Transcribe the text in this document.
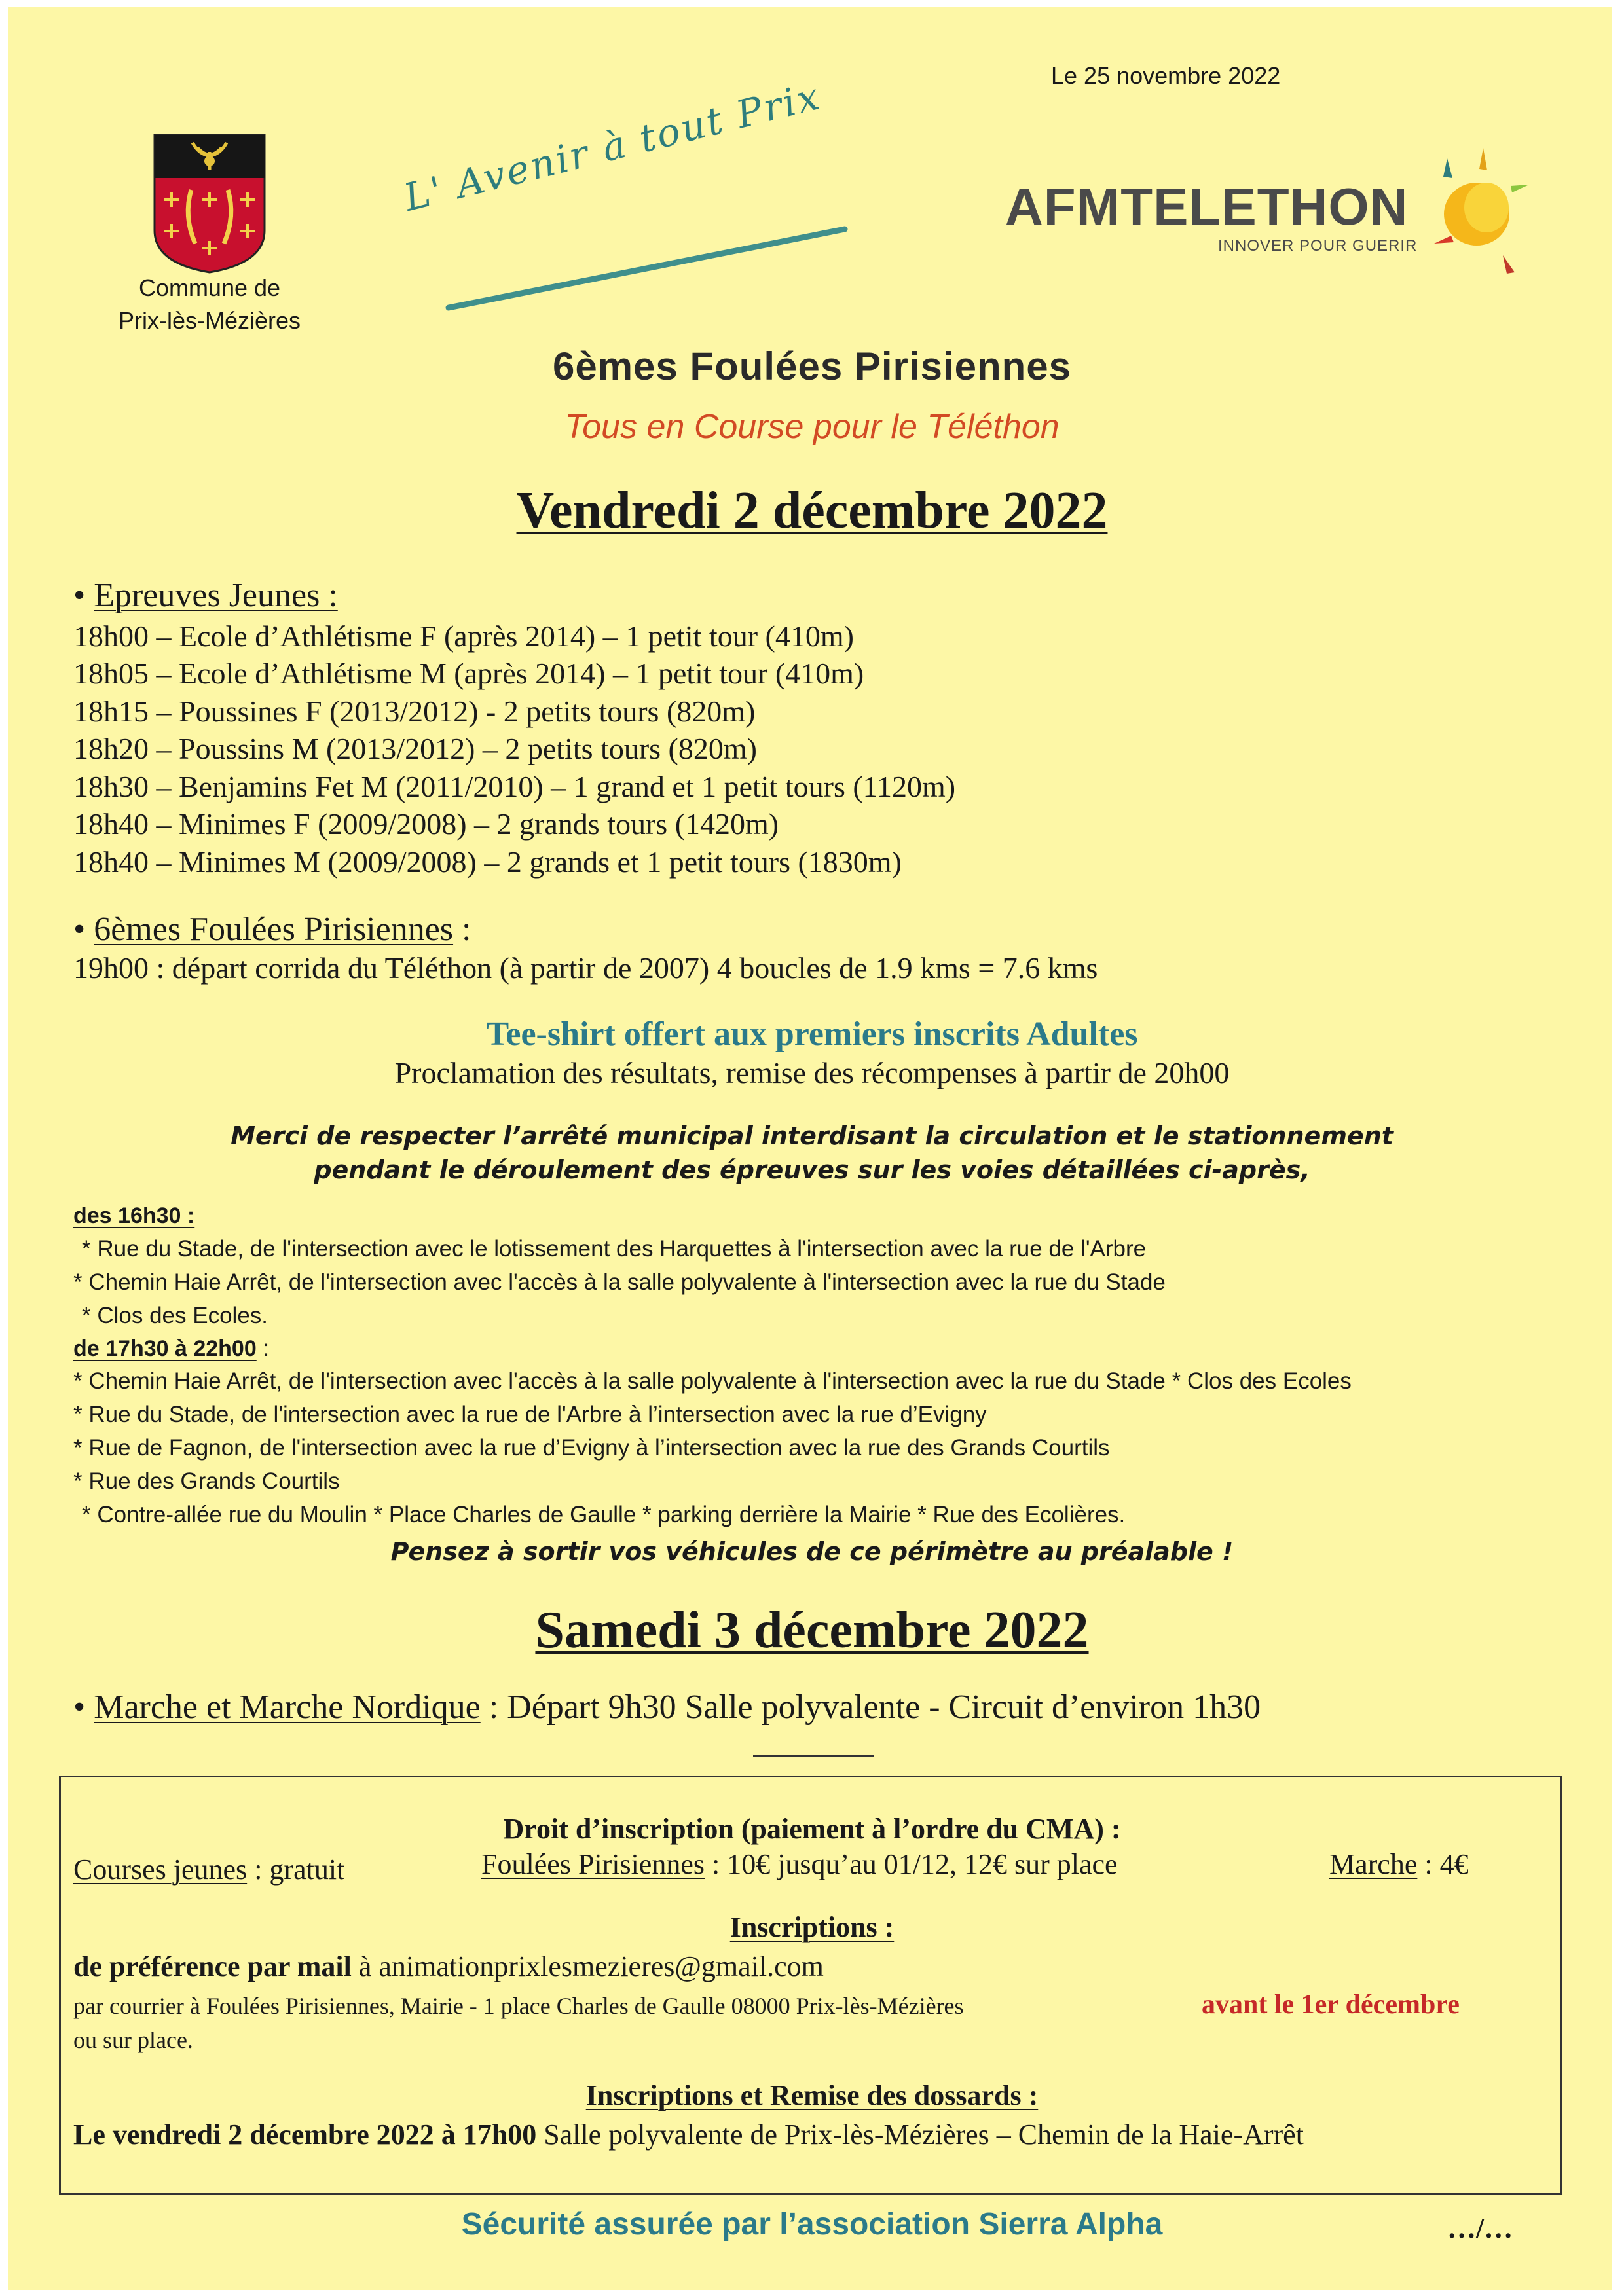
Le 25 novembre 2022
Commune de
Prix-lès-Mézières
L' Avenir à tout Prix	AFMTELETHON
INNOVER POUR GUERIR
6èmes Foulées Pirisiennes
Tous en Course pour le Téléthon
Vendredi 2 décembre 2022
• Epreuves Jeunes :
18h00 – Ecole d’Athlétisme F (après 2014) – 1 petit tour (410m)
18h05 – Ecole d’Athlétisme M (après 2014) – 1 petit tour (410m)
18h15 – Poussines F (2013/2012) - 2 petits tours (820m)
18h20 – Poussins M (2013/2012) – 2 petits tours (820m)
18h30 – Benjamins Fet M (2011/2010) – 1 grand et 1 petit tours (1120m)
18h40 – Minimes F (2009/2008) – 2 grands tours (1420m)
18h40 – Minimes M (2009/2008) – 2 grands et 1 petit tours (1830m)
• 6èmes Foulées Pirisiennes :
19h00 : départ corrida du Téléthon (à partir de 2007) 4 boucles de 1.9 kms = 7.6 kms
Tee-shirt offert aux premiers inscrits Adultes
Proclamation des résultats, remise des récompenses à partir de 20h00
Merci de respecter l’arrêté municipal interdisant la circulation et le stationnement
pendant le déroulement des épreuves sur les voies détaillées ci-après,
des 16h30 :
* Rue du Stade, de l'intersection avec le lotissement des Harquettes à l'intersection avec la rue de l'Arbre
* Chemin Haie Arrêt, de l'intersection avec l'accès à la salle polyvalente à l'intersection avec la rue du Stade
* Clos des Ecoles.
de 17h30 à 22h00 :
* Chemin Haie Arrêt, de l'intersection avec l'accès à la salle polyvalente à l'intersection avec la rue du Stade * Clos des Ecoles
* Rue du Stade, de l'intersection avec la rue de l'Arbre à l’intersection avec la rue d’Evigny
* Rue de Fagnon, de l'intersection avec la rue d’Evigny à l’intersection avec la rue des Grands Courtils
* Rue des Grands Courtils
* Contre-allée rue du Moulin * Place Charles de Gaulle * parking derrière la Mairie * Rue des Ecolières.
Pensez à sortir vos véhicules de ce périmètre au préalable !
Samedi 3 décembre 2022
• Marche et Marche Nordique : Départ 9h30 Salle polyvalente - Circuit d’environ 1h30
Droit d’inscription (paiement à l’ordre du CMA) :
Courses jeunes : gratuit	Foulées Pirisiennes : 10€ jusqu’au 01/12, 12€ sur place	Marche : 4€
Inscriptions :
de préférence par mail à animationprixlesmezieres@gmail.com
par courrier à Foulées Pirisiennes, Mairie - 1 place Charles de Gaulle 08000 Prix-lès-Mézières	avant le 1er décembre
ou sur place.
Inscriptions et Remise des dossards :
Le vendredi 2 décembre 2022 à 17h00 Salle polyvalente de Prix-lès-Mézières – Chemin de la Haie-Arrêt
Sécurité assurée par l’association Sierra Alpha	…/…
